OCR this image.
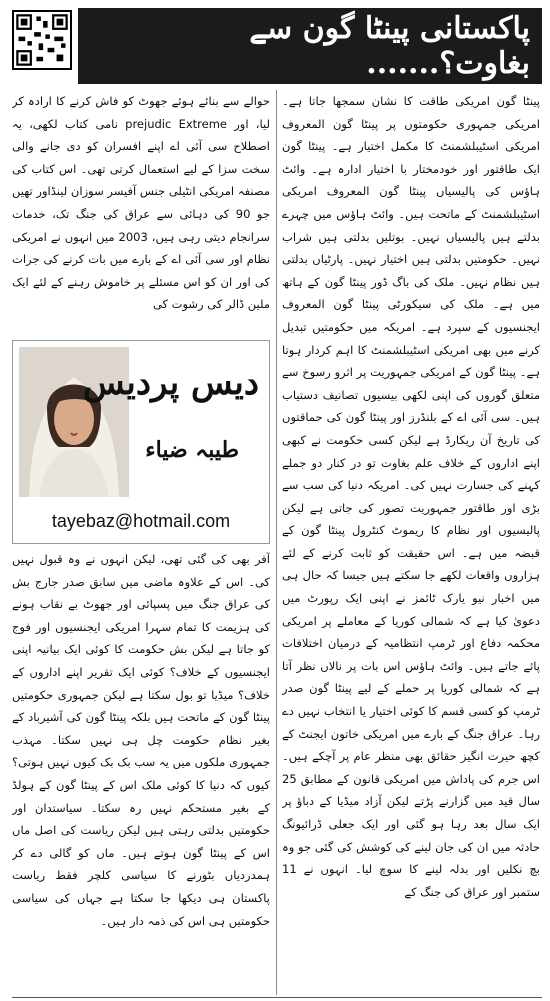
پاکستانی پینٹا گون سے بغاوت؟.......

پینٹا گون امریکی طاقت کا نشان سمجھا جاتا ہے۔ امریکی جمہوری حکومتوں پر پینٹا گون المعروف امریکی اسٹیبلشمنٹ کا مکمل اختیار ہے۔ پینٹا گون ایک طاقتور اور خودمختار با اختیار ادارہ ہے۔ وائٹ ہاؤس کی پالیسیاں پینٹا گون المعروف امریکی اسٹیبلشمنٹ کے ماتحت ہیں۔ وائٹ ہاؤس میں چہرے بدلتے ہیں پالیسیاں نہیں۔ بوتلیں بدلتی ہیں شراب نہیں۔ حکومتیں بدلتی ہیں اختیار نہیں۔ پارٹیاں بدلتی ہیں نظام نہیں۔ ملک کی باگ ڈور پینٹا گون کے ہاتھ میں ہے۔ ملک کی سیکورٹی پینٹا گون المعروف ایجنسیوں کے سپرد ہے۔ امریکہ میں حکومتیں تبدیل کرنے میں بھی امریکی اسٹیبلشمنٹ کا اہم کردار ہوتا ہے۔ پینٹا گون کے امریکی جمہوریت پر اثرو رسوخ سے متعلق گوروں کی اپنی لکھی بیسیوں تصانیف دستیاب ہیں۔ سی آئی اے کے بلنڈرز اور پینٹا گون کی حماقتوں کی تاریخ آن ریکارڈ ہے لیکن کسی حکومت نے کبھی اپنے اداروں کے خلاف علم بغاوت تو در کنار دو جملے کہنے کی جسارت نہیں کی۔ امریکہ دنیا کی سب سے بڑی اور طاقتور جمہوریت تصور کی جاتی ہے لیکن پالیسیوں اور نظام کا ریموٹ کنٹرول پینٹا گون کے قبضہ میں ہے۔ اس حقیقت کو ثابت کرنے کے لئے ہزاروں واقعات لکھے جا سکتے ہیں جیسا کہ حال ہی میں اخبار نیو یارک ٹائمز نے اپنی ایک رپورٹ میں دعویٰ کیا ہے کہ شمالی کوریا کے معاملے پر امریکی محکمہ دفاع اور ٹرمپ انتظامیہ کے درمیان اختلافات پائے جاتے ہیں۔ وائٹ ہاؤس اس بات پر نالاں نظر آتا ہے کہ شمالی کوریا پر حملے کے لیے پینٹا گون صدر ٹرمپ کو کسی قسم کا کوئی اختیار یا انتخاب نہیں دے رہا۔ عراق جنگ کے بارے میں امریکی خاتون ایجنٹ کے کچھ حیرت انگیز حقائق بھی منظر عام پر آچکے ہیں۔ اس جرم کی پاداش میں امریکی قانون کے مطابق 25 سال قید میں گزارنے پڑتے لیکن آزاد میڈیا کے دباؤ پر ایک سال بعد رہا ہو گئی اور ایک جعلی ڈرائیونگ حادثہ میں ان کی جان لینے کی کوشش کی گئی جو وہ بچ نکلیں اور بدلہ لینے کا سوچ لیا۔ انہوں نے 11 ستمبر اور عراق کی جنگ کے

حوالے سے بنائے ہوئے جھوٹ کو فاش کرنے کا ارادہ کر لیا، اور prejudic Extreme نامی کتاب لکھی، یہ اصطلاح سی آئی اے اپنے افسران کو دی جانے والی سخت سزا کے لیے استعمال کرتی تھی۔ اس کتاب کی مصنفہ امریکی انٹیلی جنس آفیسر سوزان لینڈاور تھیں جو 90 کی دہائی سے عراق کی جنگ تک، خدمات سرانجام دیتی رہی ہیں، 2003 میں انہوں نے امریکی نظام اور سی آئی اے کے بارے میں بات کرنے کی جرات کی اور ان کو اس مسئلے پر خاموش رہنے کے لئے ایک ملین ڈالر کی رشوت کی

دیس پردیس
طیبہ ضیاء
tayebaz@hotmail.com

آفر بھی کی گئی تھی، لیکن انہوں نے وہ قبول نہیں کی۔ اس کے علاوہ ماضی میں سابق صدر جارج بش کی عراق جنگ میں پسپائی اور جھوٹ بے نقاب ہونے کی ہزیمت کا تمام سہرا امریکی ایجنسیوں اور فوج کو جاتا ہے لیکن بش حکومت کا کوئی ایک بیانیہ اپنی ایجنسیوں کے خلاف؟ کوئی ایک تقریر اپنے اداروں کے خلاف؟ میڈیا تو بول سکتا ہے لیکن جمہوری حکومتیں پینٹا گون کے ماتحت ہیں بلکہ پینٹا گون کی آشیرباد کے بغیر نظام حکومت چل ہی نہیں سکتا۔ مہذب جمہوری ملکوں میں یہ سب بک بک کیوں نہیں ہوتی؟ کیوں کہ دنیا کا کوئی ملک اس کے پینٹا گون کے ہولڈ کے بغیر مستحکم نہیں رہ سکتا۔ سیاستدان اور حکومتیں بدلتی رہتی ہیں لیکن ریاست کی اصل ماں اس کے پینٹا گون ہوتے ہیں۔ ماں کو گالی دے کر ہمدردیاں بٹورنے کا سیاسی کلچر فقط ریاست پاکستان ہی دیکھا جا سکتا ہے جہاں کی سیاسی حکومتیں ہی اس کی ذمہ دار ہیں۔
